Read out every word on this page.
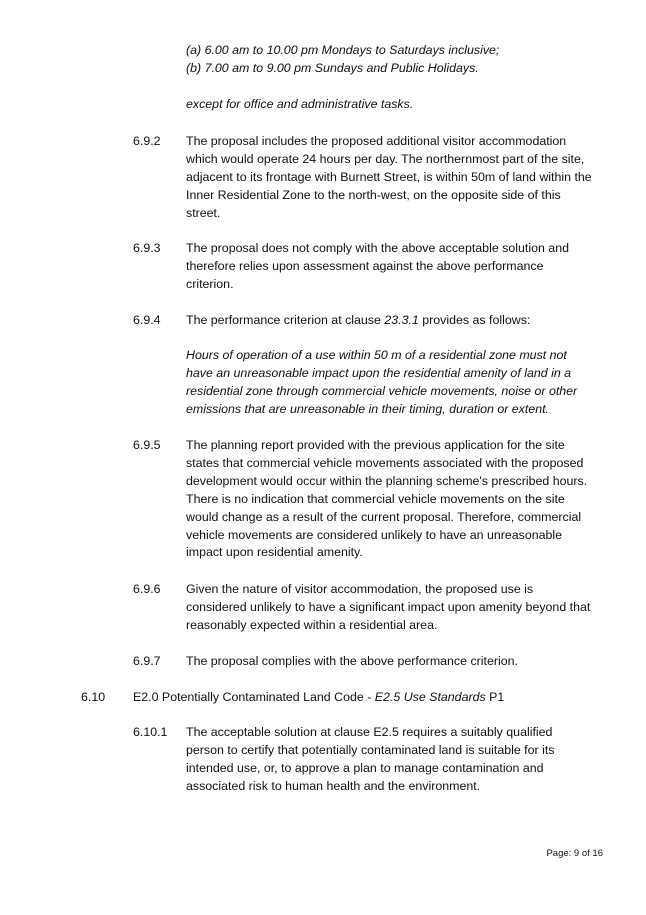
(a) 6.00 am to 10.00 pm Mondays to Saturdays inclusive;
(b) 7.00 am to 9.00 pm Sundays and Public Holidays.
except for office and administrative tasks.

6.9.2 The proposal includes the proposed additional visitor accommodation
which would operate 24 hours per day. The northernmost part of the site,
adjacent to its frontage with Burnett Street, is within 50m of land within the
Inner Residential Zone to the north-west, on the opposite side of this
street.

6.9.3 The proposal does not comply with the above acceptable solution and
therefore relies upon assessment against the above performance
criterion.

6.9.4 The performance criterion at clause 23.3.1 provides as follows:
Hours of operation of a use within 50 m of a residential zone must not
have an unreasonable impact upon the residential amenity of land in a
residential zone through commercial vehicle movements, noise or other
emissions that are unreasonable in their timing, duration or extent.

6.9.5 The planning report provided with the previous application for the site
states that commercial vehicle movements associated with the proposed
development would occur within the planning scheme's prescribed hours.
There is no indication that commercial vehicle movements on the site
would change as a result of the current proposal. Therefore, commercial
vehicle movements are considered unlikely to have an unreasonable
impact upon residential amenity.

6.9.6 Given the nature of visitor accommodation, the proposed use is
considered unlikely to have a significant impact upon amenity beyond that
reasonably expected within a residential area.

6.9.7 The proposal complies with the above performance criterion.

6.10 E2.0 Potentially Contaminated Land Code - E2.5 Use Standards P1

6.10.1 The acceptable solution at clause E2.5 requires a suitably qualified
person to certify that potentially contaminated land is suitable for its
intended use, or, to approve a plan to manage contamination and
associated risk to human health and the environment.
Page: 9 of 16
